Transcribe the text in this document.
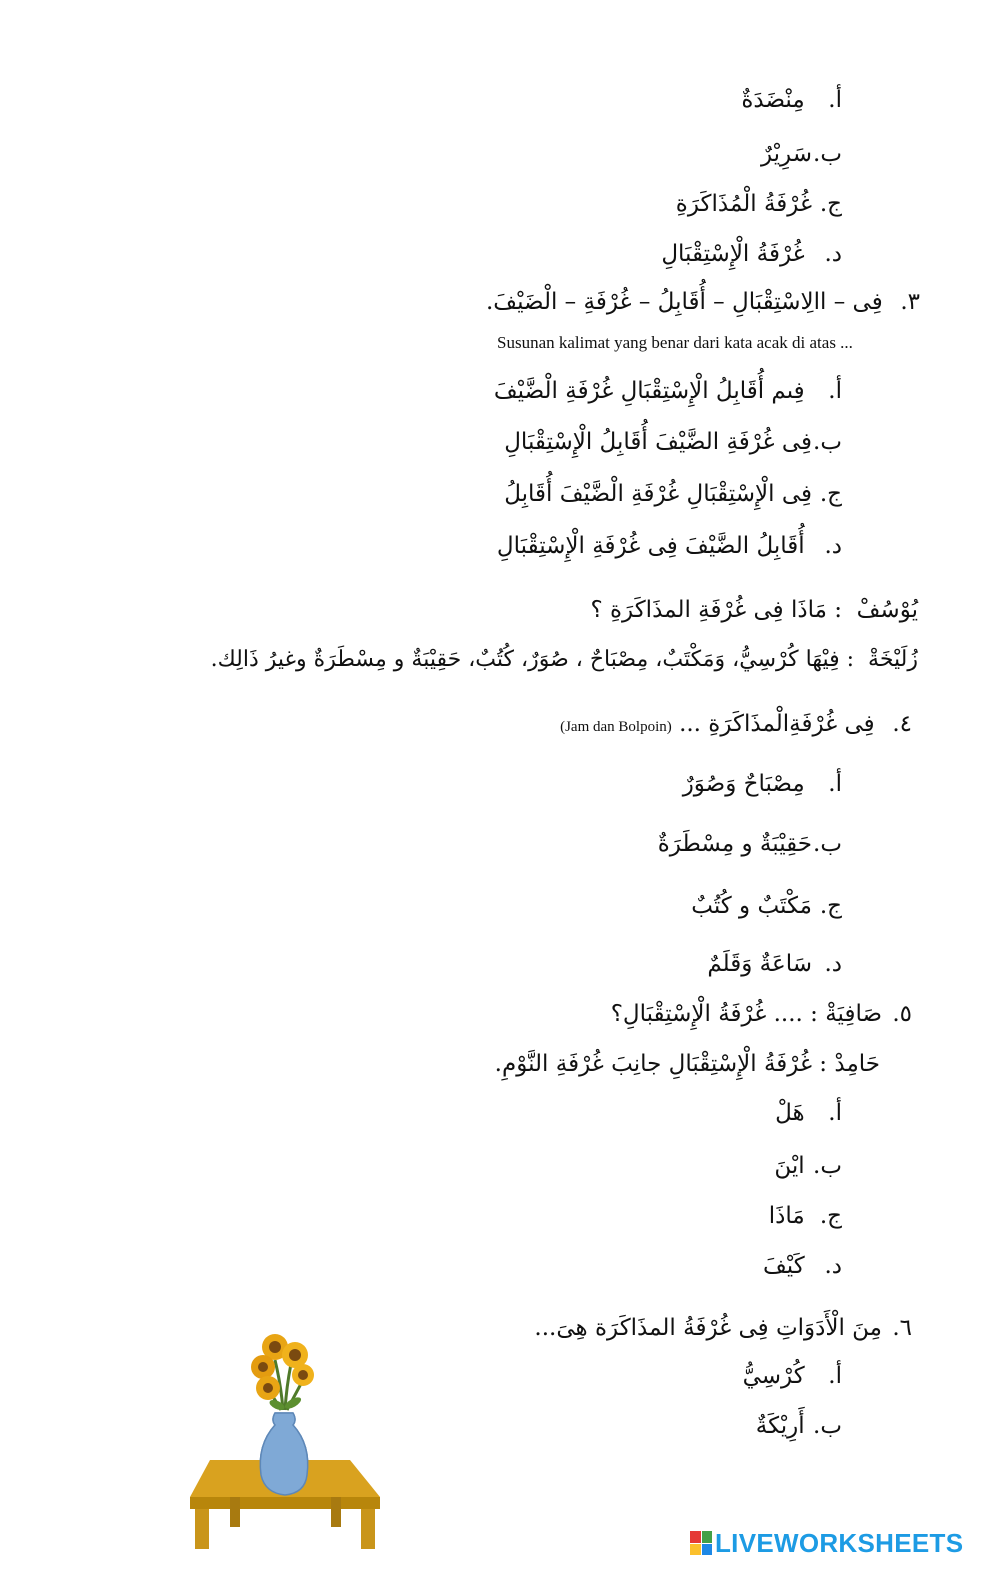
أ. مِنْضَدَةٌ
ب.سَرِيْرٌ
ج.غُرْفَةُ الْمُذَاكَرَةِ
د. غُرْفَةُ الْإِسْتِقْبَالِ
٣. فِى – االِاسْتِقْبَالِ – أُقَابِلُ – غُرْفَةِ – الْضَيْفَ.
Susunan kalimat yang benar dari kata acak di atas ...
أ. فِىم أُقَابِلُ الْإِسْتِقْبَالِ غُرْفَةِ الْضَّيْفَ
ب.فِى غُرْفَةِ الضَّيْفَ أُقَابِلُ الْإِسْتِقْبَالِ
ج.فِى الْإِسْتِقْبَالِ غُرْفَةِ الْضَّيْفَ أُقَابِلُ
د. أُقَابِلُ الضَّيْفَ فِى غُرْفَةِ الْإِسْتِقْبَالِ
يُوْسُفْ  : مَاذَا فِى غُرْفَةِ المذَاكَرَةِ ؟
زُلَيْخَةْ  : فِيْهَا كُرْسِيُّ، وَمَكْتَبٌ، مِصْبَاحٌ ، صُوَرٌ، كُتُبٌ، حَقِيْبَةٌ و مِسْطَرَةٌ وغيرُ ذَالِك.
٤. فِى غُرْفَةِالْمذَاكَرَةِ ... (Jam dan Bolpoin)
أ. مِصْبَاحٌ وَصُوَرٌ
ب.حَقِيْبَةٌ و مِسْطَرَةٌ
ج.مَكْتَبٌ و كُتُبٌ
د.سَاعَةٌ وَقَلَمٌ
٥.صَافِيَةْ : .... غُرْفَةُ الْإِسْتِقْبَالِ؟
حَامِدْ : غُرْفَةُ الْإِسْتِقْبَالِ جانِبَ غُرْفَةِ النَّوْمِ.
أ. هَلْ
ب. ايْنَ
ج. مَاذَا
د. كَيْفَ
٦.مِنَ الْأَدَوَاتِ فِى غُرْفَةُ المذَاكَرَة هِىَ...
أ. كُرْسِيُّ
ب. أَرِيْكَةٌ
LIVEWORKSHEETS
